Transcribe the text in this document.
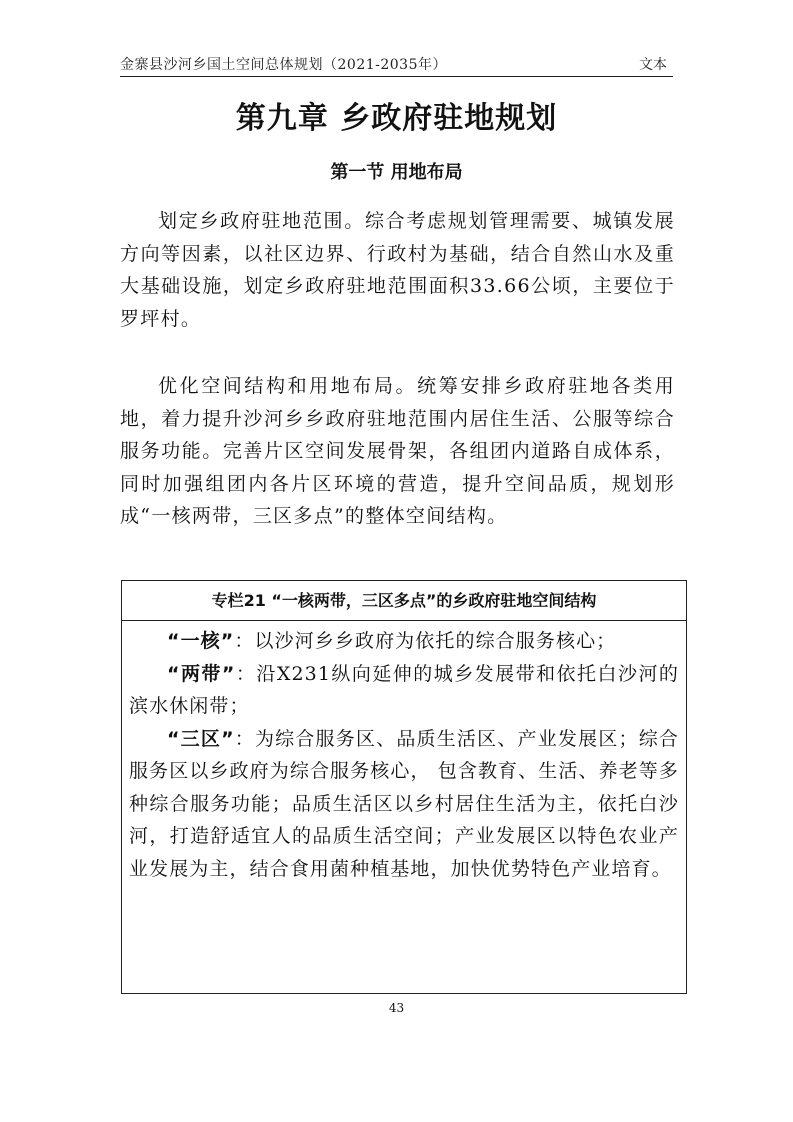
金寨县沙河乡国土空间总体规划（2021-2035年）	文本
第九章 乡政府驻地规划
第一节 用地布局

划定乡政府驻地范围。综合考虑规划管理需要、城镇发展方向等因素，以社区边界、行政村为基础，结合自然山水及重大基础设施，划定乡政府驻地范围面积33.66公顷，主要位于罗坪村。

优化空间结构和用地布局。统筹安排乡政府驻地各类用地，着力提升沙河乡乡政府驻地范围内居住生活、公服等综合服务功能。完善片区空间发展骨架，各组团内道路自成体系，同时加强组团内各片区环境的营造，提升空间品质，规划形成“一核两带，三区多点”的整体空间结构。

专栏21 “一核两带，三区多点”的乡政府驻地空间结构

“一核”：以沙河乡乡政府为依托的综合服务核心；

“两带”：沿X231纵向延伸的城乡发展带和依托白沙河的滨水休闲带；

“三区”：为综合服务区、品质生活区、产业发展区；综合服务区以乡政府为综合服务核心， 包含教育、生活、养老等多种综合服务功能；品质生活区以乡村居住生活为主，依托白沙河，打造舒适宜人的品质生活空间；产业发展区以特色农业产业发展为主，结合食用菌种植基地，加快优势特色产业培育。

43
